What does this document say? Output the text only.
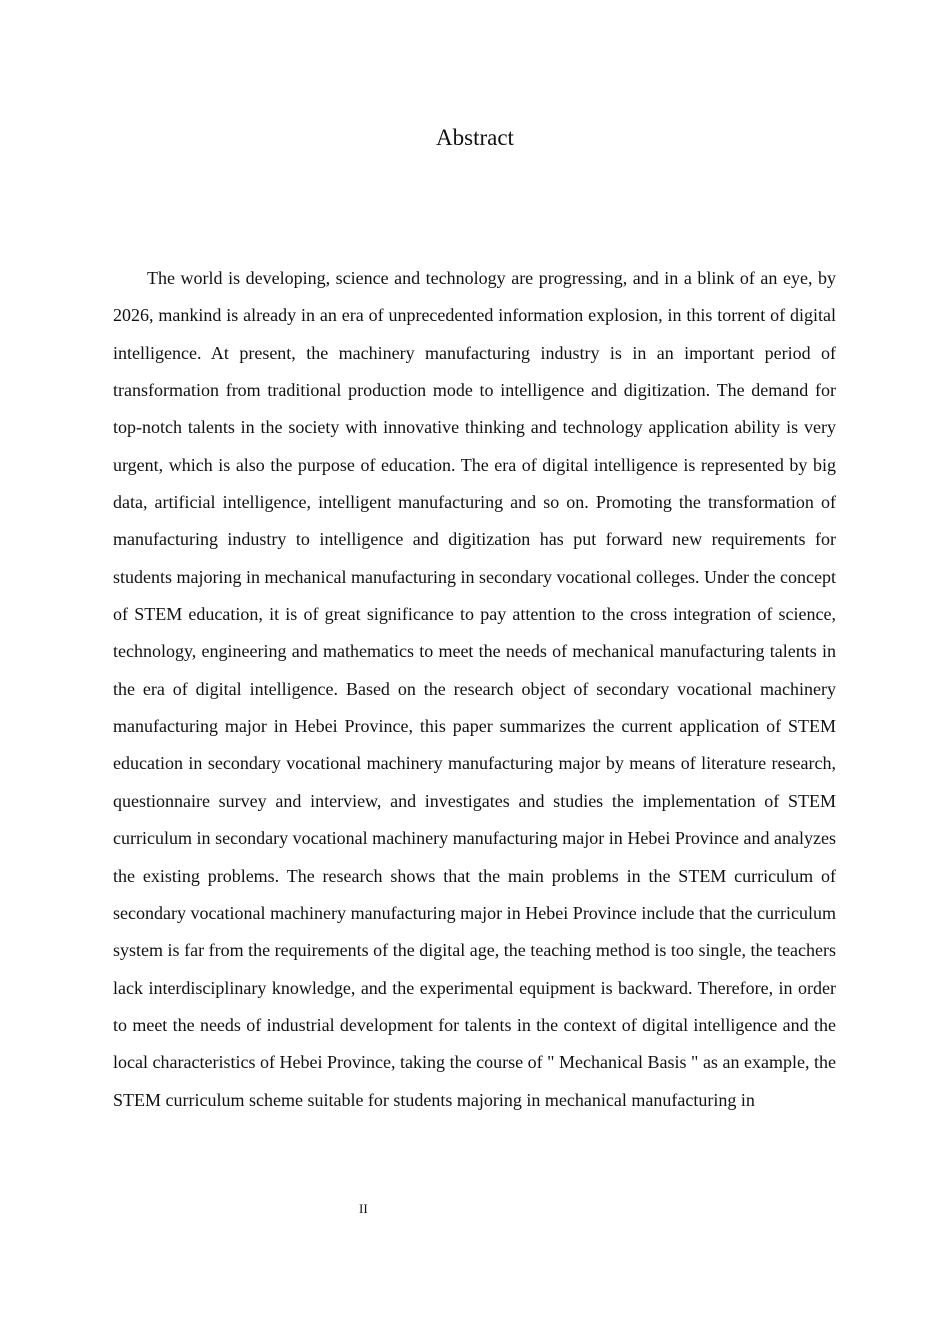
Abstract

The world is developing, science and technology are progressing, and in a blink of an eye, by 2026, mankind is already in an era of unprecedented information explosion, in this torrent of digital intelligence. At present, the machinery manufacturing industry is in an important period of transformation from traditional production mode to intelligence and digitization. The demand for top-notch talents in the society with innovative thinking and technology application ability is very urgent, which is also the purpose of education. The era of digital intelligence is represented by big data, artificial intelligence, intelligent manufacturing and so on. Promoting the transformation of manufacturing industry to intelligence and digitization has put forward new requirements for students majoring in mechanical manufacturing in secondary vocational colleges. Under the concept of STEM education, it is of great significance to pay attention to the cross integration of science, technology, engineering and mathematics to meet the needs of mechanical manufacturing talents in the era of digital intelligence. Based on the research object of secondary vocational machinery manufacturing major in Hebei Province, this paper summarizes the current application of STEM education in secondary vocational machinery manufacturing major by means of literature research, questionnaire survey and interview, and investigates and studies the implementation of STEM curriculum in secondary vocational machinery manufacturing major in Hebei Province and analyzes the existing problems. The research shows that the main problems in the STEM curriculum of secondary vocational machinery manufacturing major in Hebei Province include that the curriculum system is far from the requirements of the digital age, the teaching method is too single, the teachers lack interdisciplinary knowledge, and the experimental equipment is backward. Therefore, in order to meet the needs of industrial development for talents in the context of digital intelligence and the local characteristics of Hebei Province, taking the course of " Mechanical Basis " as an example, the STEM curriculum scheme suitable for students majoring in mechanical manufacturing in

II
